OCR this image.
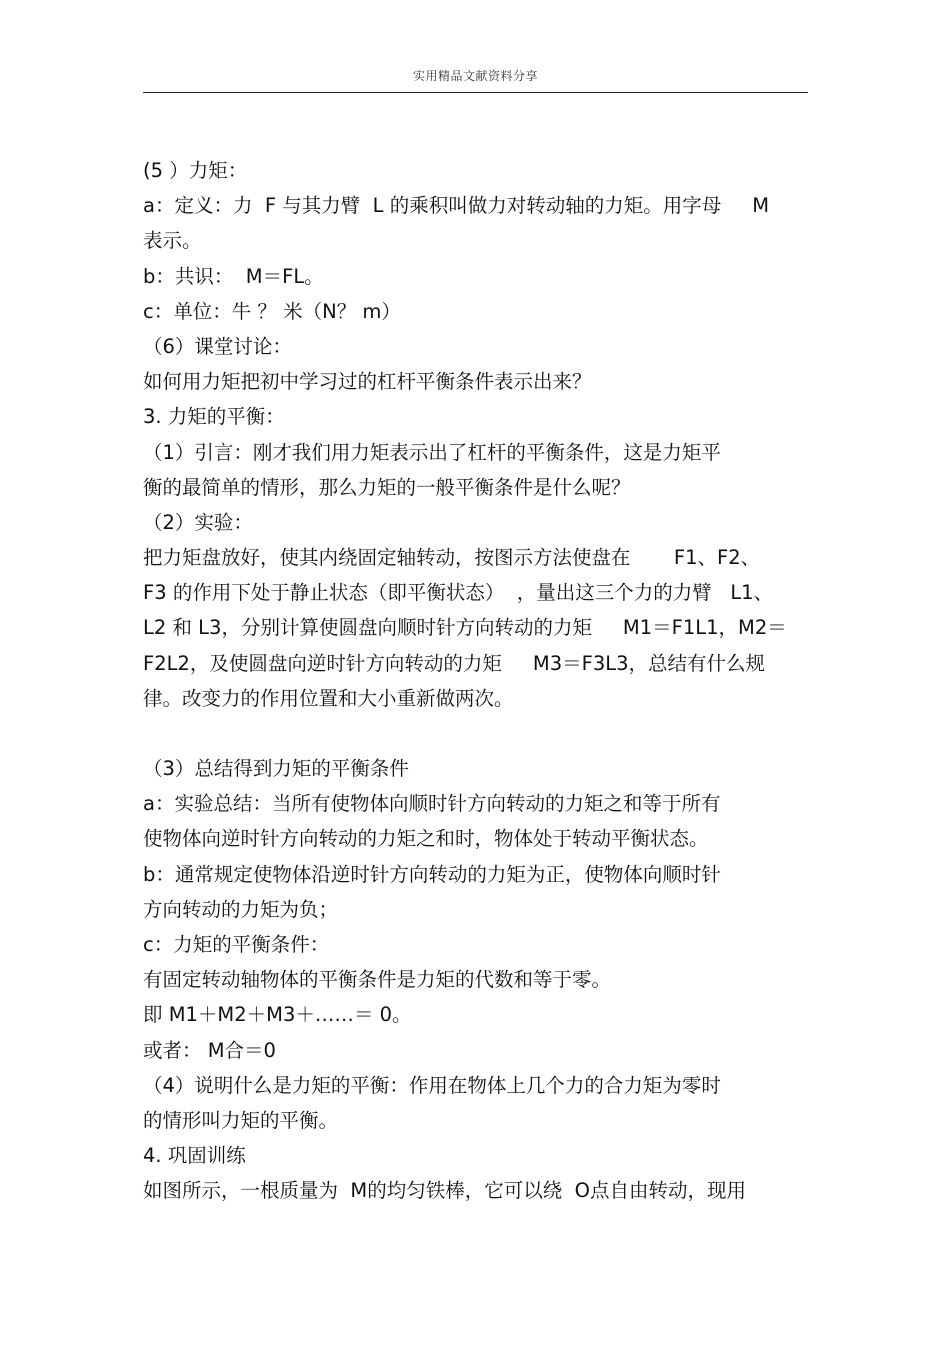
实用精品文献资料分享
(5 ）力矩：
a：定义：力  F 与其力臂  L 的乘积叫做力对转动轴的力矩。用字母     M
表示。
b：共识：  M＝FL。
c：单位：牛 ？ 米（N？ m）
（6）课堂讨论：
如何用力矩把初中学习过的杠杆平衡条件表示出来？
3. 力矩的平衡：
（1）引言：刚才我们用力矩表示出了杠杆的平衡条件，这是力矩平
衡的最简单的情形，那么力矩的一般平衡条件是什么呢？
（2）实验：
把力矩盘放好，使其内绕固定轴转动，按图示方法使盘在       F1、F2、
F3 的作用下处于静止状态（即平衡状态）  ，量出这三个力的力臂   L1、
L2 和 L3，分别计算使圆盘向顺时针方向转动的力矩     M1＝F1L1，M2＝
F2L2，及使圆盘向逆时针方向转动的力矩     M3＝F3L3，总结有什么规
律。改变力的作用位置和大小重新做两次。
（3）总结得到力矩的平衡条件
a：实验总结：当所有使物体向顺时针方向转动的力矩之和等于所有
使物体向逆时针方向转动的力矩之和时，物体处于转动平衡状态。
b：通常规定使物体沿逆时针方向转动的力矩为正，使物体向顺时针
方向转动的力矩为负；
c：力矩的平衡条件：
有固定转动轴物体的平衡条件是力矩的代数和等于零。
即 M1＋M2＋M3＋……＝ 0。
或者： M合＝0
（4）说明什么是力矩的平衡：作用在物体上几个力的合力矩为零时
的情形叫力矩的平衡。
4. 巩固训练
如图所示，一根质量为  M的均匀铁棒，它可以绕  O点自由转动，现用
